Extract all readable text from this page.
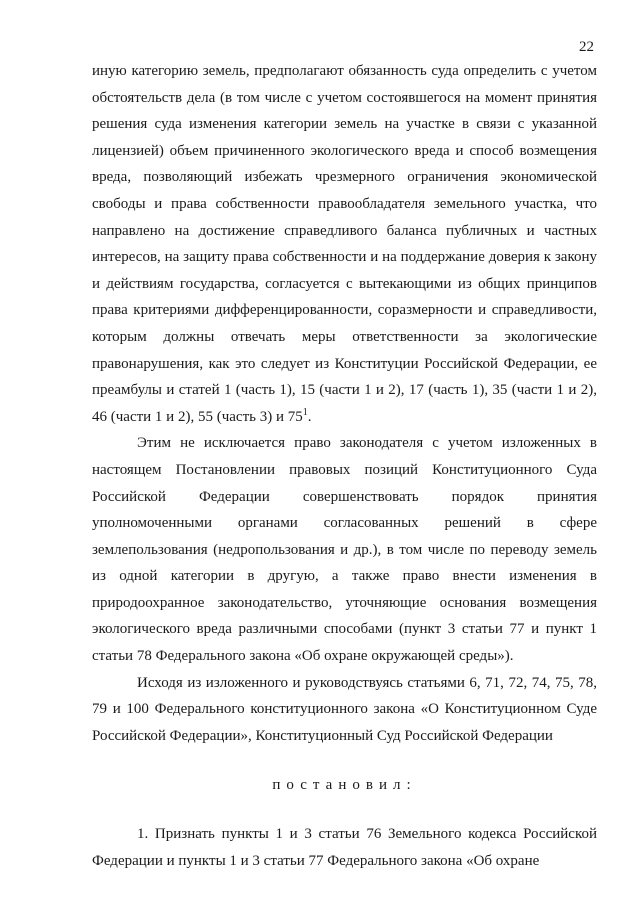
22

иную категорию земель, предполагают обязанность суда определить с учетом обстоятельств дела (в том числе с учетом состоявшегося на момент принятия решения суда изменения категории земель на участке в связи с указанной лицензией) объем причиненного экологического вреда и способ возмещения вреда, позволяющий избежать чрезмерного ограничения экономической свободы и права собственности правообладателя земельного участка, что направлено на достижение справедливого баланса публичных и частных интересов, на защиту права собственности и на поддержание доверия к закону и действиям государства, согласуется с вытекающими из общих принципов права критериями дифференцированности, соразмерности и справедливости, которым должны отвечать меры ответственности за экологические правонарушения, как это следует из Конституции Российской Федерации, ее преамбулы и статей 1 (часть 1), 15 (части 1 и 2), 17 (часть 1), 35 (части 1 и 2), 46 (части 1 и 2), 55 (часть 3) и $75^1$.

Этим не исключается право законодателя с учетом изложенных в настоящем Постановлении правовых позиций Конституционного Суда Российской Федерации совершенствовать порядок принятия уполномоченными органами согласованных решений в сфере землепользования (недропользования и др.), в том числе по переводу земель из одной категории в другую, а также право внести изменения в природоохранное законодательство, уточняющие основания возмещения экологического вреда различными способами (пункт 3 статьи 77 и пункт 1 статьи 78 Федерального закона «Об охране окружающей среды»).

Исходя из изложенного и руководствуясь статьями 6, 71, 72, 74, 75, 78, 79 и 100 Федерального конституционного закона «О Конституционном Суде Российской Федерации», Конституционный Суд Российской Федерации

постановил:

1. Признать пункты 1 и 3 статьи 76 Земельного кодекса Российской Федерации и пункты 1 и 3 статьи 77 Федерального закона «Об охране
